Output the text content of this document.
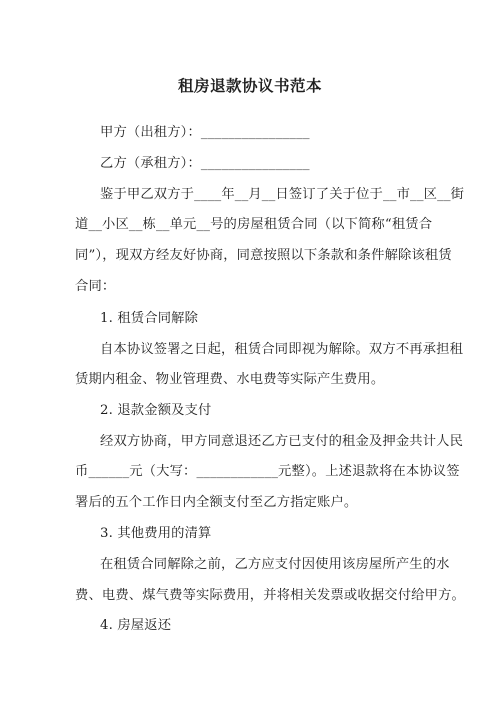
租房退款协议书范本
甲方（出租方）：________________
乙方（承租方）：________________
鉴于甲乙双方于____年__月__日签订了关于位于__市__区__街
道__小区__栋__单元__号的房屋租赁合同（以下简称“租赁合
同”），现双方经友好协商，同意按照以下条款和条件解除该租赁
合同：
1. 租赁合同解除
自本协议签署之日起，租赁合同即视为解除。双方不再承担租
赁期内租金、物业管理费、水电费等实际产生费用。
2. 退款金额及支付
经双方协商，甲方同意退还乙方已支付的租金及押金共计人民
币______元（大写：____________元整）。上述退款将在本协议签
署后的五个工作日内全额支付至乙方指定账户。
3. 其他费用的清算
在租赁合同解除之前，乙方应支付因使用该房屋所产生的水
费、电费、煤气费等实际费用，并将相关发票或收据交付给甲方。
4. 房屋返还
